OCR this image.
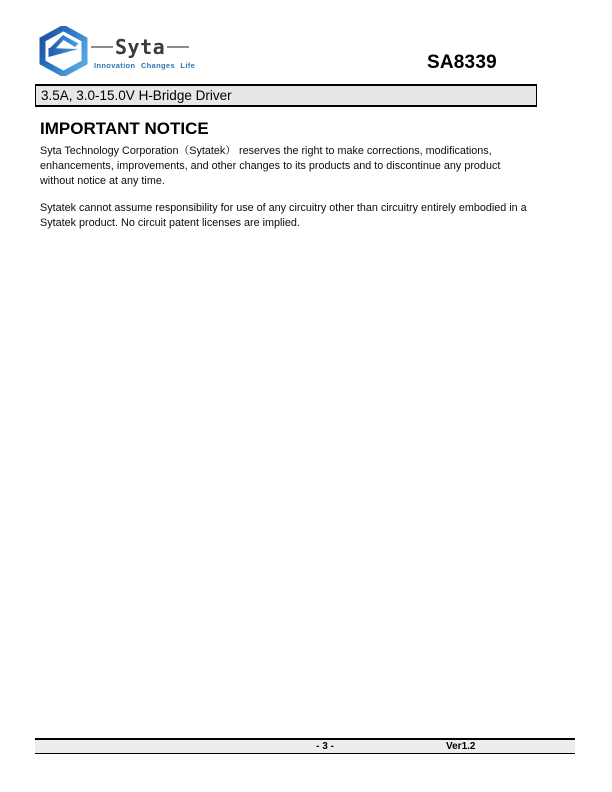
Syta
Innovation Changes Life	SA8339
3.5A, 3.0-15.0V H-Bridge Driver
IMPORTANT NOTICE
Syta Technology Corporation（Sytatek） reserves the right to make corrections, modifications,
enhancements, improvements, and other changes to its products and to discontinue any product
without notice at any time.
Sytatek cannot assume responsibility for use of any circuitry other than circuitry entirely embodied in a
Sytatek product. No circuit patent licenses are implied.
- 3 -	Ver1.2
